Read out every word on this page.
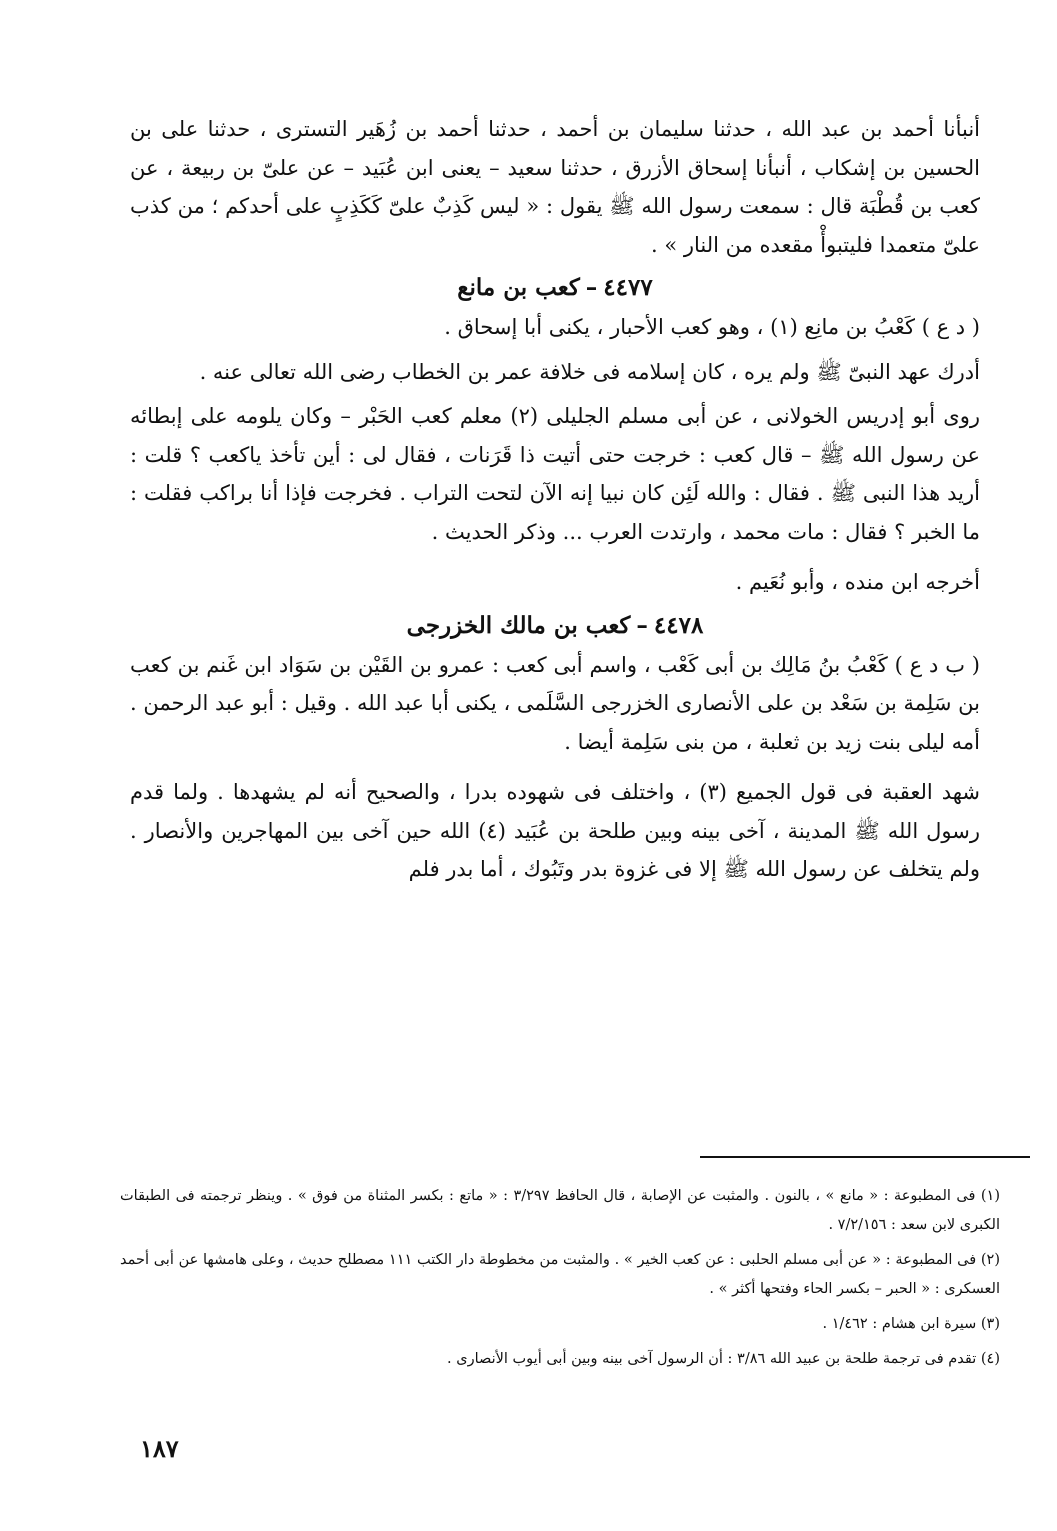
أنبأنا أحمد بن عبد الله ، حدثنا سليمان بن أحمد ، حدثنا أحمد بن زُهَير التسترى ، حدثنا على بن الحسين بن إشكاب ، أنبأنا إسحاق الأزرق ، حدثنا سعيد – يعنى ابن عُبَيد – عن علىّ بن ربيعة ، عن كعب بن قُطْبَة قال : سمعت رسول الله ﷺ يقول : « ليس كَذِبٌ علىّ كَكَذِبٍ على أحدكم ؛ من كذب علىّ متعمدا فليتبوأْ مقعده من النار » .

٤٤٧٧–كعب بن مانع

( د ع ) كَعْبُ بن مانِع (١) ، وهو كعب الأحبار ، يكنى أبا إسحاق .

أدرك عهد النبىّ ﷺ ولم يره ، كان إسلامه فى خلافة عمر بن الخطاب رضى الله تعالى عنه .

روى أبو إدريس الخولانى ، عن أبى مسلم الجليلى (٢) معلم كعب الحَبْر – وكان يلومه على إبطائه عن رسول الله ﷺ – قال كعب : خرجت حتى أتيت ذا قَرَنات ، فقال لى : أين تأخذ ياكعب ؟ قلت : أريد هذا النبى ﷺ . فقال : والله لَئِن كان نبيا إنه الآن لتحت التراب . فخرجت فإذا أنا براكب فقلت : ما الخبر ؟ فقال : مات محمد ، وارتدت العرب ... وذكر الحديث .

أخرجه ابن منده ، وأبو نُعَيم .

٤٤٧٨–كعب بن مالك الخزرجى

( ب د ع ) كَعْبُ بنُ مَالِك بن أبى كَعْب ، واسم أبى كعب : عمرو بن القَيْن بن سَوَاد ابن غَنم بن كعب بن سَلِمة بن سَعْد بن على الأنصارى الخزرجى السَّلَمى ، يكنى أبا عبد الله . وقيل : أبو عبد الرحمن . أمه ليلى بنت زيد بن ثعلبة ، من بنى سَلِمة أيضا .

شهد العقبة فى قول الجميع (٣) ، واختلف فى شهوده بدرا ، والصحيح أنه لم يشهدها . ولما قدم رسول الله ﷺ المدينة ، آخى بينه وبين طلحة بن عُبَيد (٤) الله حين آخى بين المهاجرين والأنصار . ولم يتخلف عن رسول الله ﷺ إلا فى غزوة بدر وتَبُوك ، أما بدر فلم

(١) فى المطبوعة : « مانع » ، بالنون . والمثبت عن الإصابة ، قال الحافظ ٣/٢٩٧ : « ماتع : بكسر المثناة من فوق » . وينظر ترجمته فى الطبقات الكبرى لابن سعد : ٧/٢/١٥٦ .

(٢) فى المطبوعة : « عن أبى مسلم الحلبى : عن كعب الخير » . والمثبت من مخطوطة دار الكتب ١١١ مصطلح حديث ، وعلى هامشها عن أبى أحمد العسكرى : « الحبر – بكسر الحاء وفتحها أكثر » .

(٣) سيرة ابن هشام : ١/٤٦٢ .

(٤) تقدم فى ترجمة طلحة بن عبيد الله ٣/٨٦ : أن الرسول آخى بينه وبين أبى أيوب الأنصارى .

١٨٧
